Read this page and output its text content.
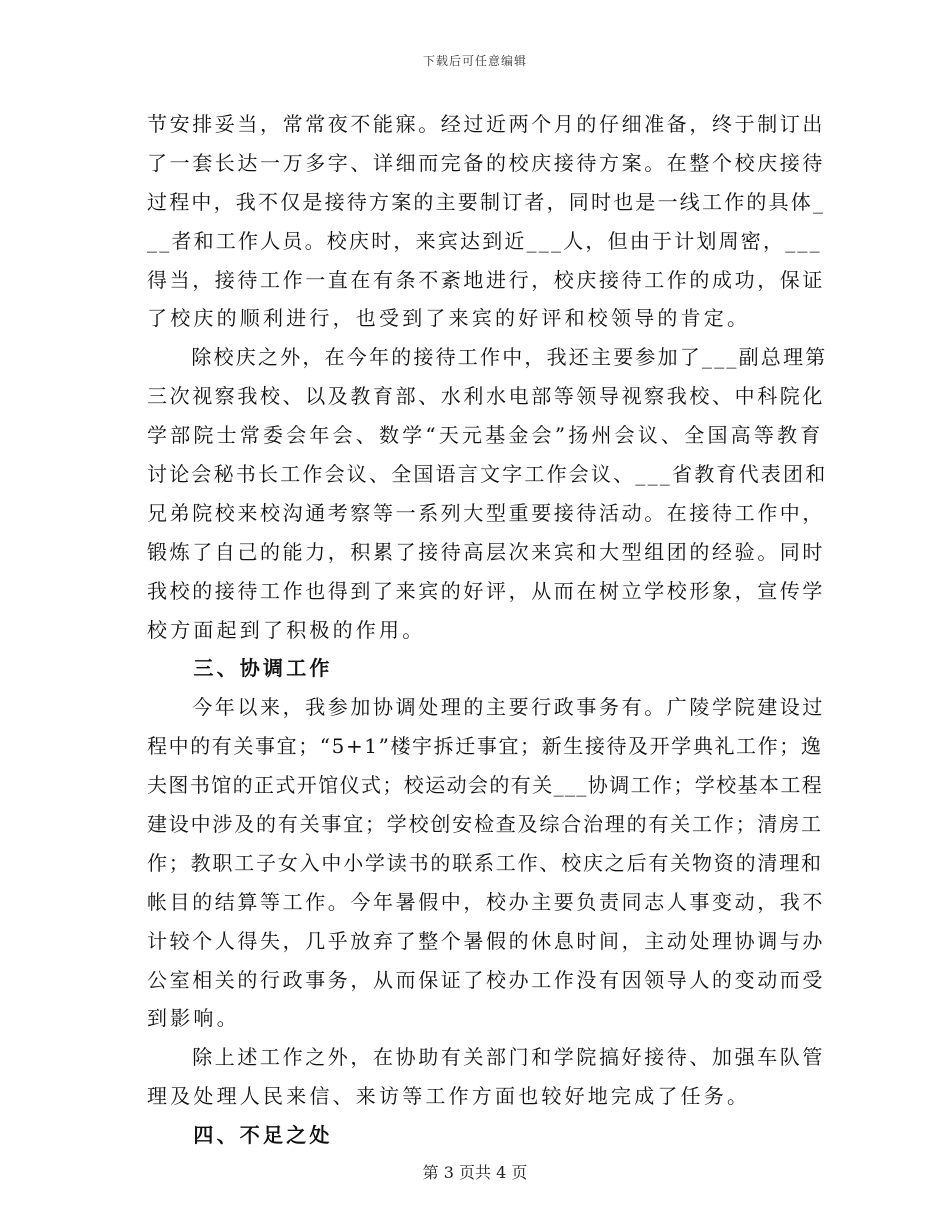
下载后可任意编辑
节安排妥当，常常夜不能寐。经过近两个月的仔细准备，终于制订出
了一套长达一万多字、详细而完备的校庆接待方案。在整个校庆接待
过程中，我不仅是接待方案的主要制订者，同时也是一线工作的具体_
__者和工作人员。校庆时，来宾达到近___人，但由于计划周密，___
得当，接待工作一直在有条不紊地进行，校庆接待工作的成功，保证
了校庆的顺利进行，也受到了来宾的好评和校领导的肯定。
　　除校庆之外，在今年的接待工作中，我还主要参加了___副总理第
三次视察我校、以及教育部、水利水电部等领导视察我校、中科院化
学部院士常委会年会、数学“天元基金会”扬州会议、全国高等教育
讨论会秘书长工作会议、全国语言文字工作会议、___省教育代表团和
兄弟院校来校沟通考察等一系列大型重要接待活动。在接待工作中，
锻炼了自己的能力，积累了接待高层次来宾和大型组团的经验。同时
我校的接待工作也得到了来宾的好评，从而在树立学校形象，宣传学
校方面起到了积极的作用。
　　三、协调工作
　　今年以来，我参加协调处理的主要行政事务有。广陵学院建设过
程中的有关事宜；“5+1”楼宇拆迁事宜；新生接待及开学典礼工作；逸
夫图书馆的正式开馆仪式；校运动会的有关___协调工作；学校基本工程
建设中涉及的有关事宜；学校创安检查及综合治理的有关工作；清房工
作；教职工子女入中小学读书的联系工作、校庆之后有关物资的清理和
帐目的结算等工作。今年暑假中，校办主要负责同志人事变动，我不
计较个人得失，几乎放弃了整个暑假的休息时间，主动处理协调与办
公室相关的行政事务，从而保证了校办工作没有因领导人的变动而受
到影响。
　　除上述工作之外，在协助有关部门和学院搞好接待、加强车队管
理及处理人民来信、来访等工作方面也较好地完成了任务。
　　四、不足之处
第 3 页共 4 页
